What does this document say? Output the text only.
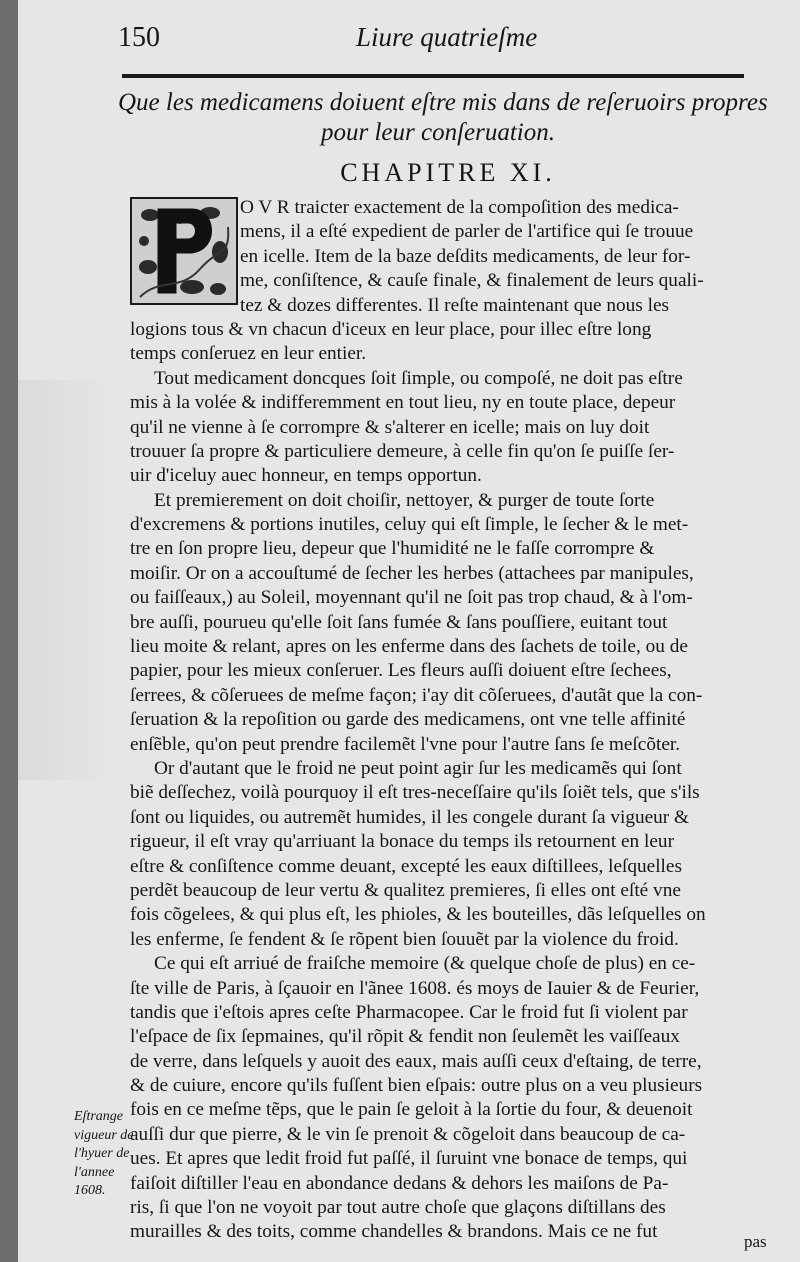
150	Liure quatrieſme
Que les medicamens doiuent eſtre mis dans de reſeruoirs propres
pour leur conſeruation.
CHAPITRE XI.
O V R traicter exactement de la compoſition des medica-
mens, il a eſté expedient de parler de l'artifice qui ſe trouue
en icelle. Item de la baze deſdits medicaments, de leur for-
me, conſiſtence, & cauſe finale, & finalement de leurs quali-
tez & dozes differentes. Il reſte maintenant que nous les
logions tous & vn chacun d'iceux en leur place, pour illec eſtre long
temps conſeruez en leur entier.
Tout medicament doncques ſoit ſimple, ou compoſé, ne doit pas eſtre
mis à la volée & indifferemment en tout lieu, ny en toute place, depeur
qu'il ne vienne à ſe corrompre & s'alterer en icelle; mais on luy doit
trouuer ſa propre & particuliere demeure, à celle fin qu'on ſe puiſſe ſer-
uir d'iceluy auec honneur, en temps opportun.
Et premierement on doit choiſir, nettoyer, & purger de toute ſorte
d'excremens & portions inutiles, celuy qui eſt ſimple, le ſecher & le met-
tre en ſon propre lieu, depeur que l'humidité ne le faſſe corrompre &
moiſir. Or on a accouſtumé de ſecher les herbes (attachees par manipules,
ou faiſſeaux,) au Soleil, moyennant qu'il ne ſoit pas trop chaud, & à l'om-
bre auſſi, pourueu qu'elle ſoit ſans fumée & ſans pouſſiere, euitant tout
lieu moite & relant, apres on les enferme dans des ſachets de toile, ou de
papier, pour les mieux conſeruer. Les fleurs auſſi doiuent eſtre ſechees,
ſerrees, & cõſeruees de meſme façon; i'ay dit cõſeruees, d'autãt que la con-
ſeruation & la repoſition ou garde des medicamens, ont vne telle affinité
enſẽble, qu'on peut prendre facilemẽt l'vne pour l'autre ſans ſe meſcõter.
Or d'autant que le froid ne peut point agir ſur les medicamẽs qui ſont
biẽ deſſechez, voilà pourquoy il eſt tres-neceſſaire qu'ils ſoiẽt tels, que s'ils
ſont ou liquides, ou autremẽt humides, il les congele durant ſa vigueur &
rigueur, il eſt vray qu'arriuant la bonace du temps ils retournent en leur
eſtre & conſiſtence comme deuant, excepté les eaux diſtillees, leſquelles
perdẽt beaucoup de leur vertu & qualitez premieres, ſi elles ont eſté vne
fois cõgelees, & qui plus eſt, les phioles, & les bouteilles, dãs leſquelles on
les enferme, ſe fendent & ſe rõpent bien ſouuẽt par la violence du froid.
Ce qui eſt arriué de fraiſche memoire (& quelque choſe de plus) en ce-
ſte ville de Paris, à ſçauoir en l'ãnee 1608. és moys de Iauier & de Feurier,
tandis que i'eſtois apres ceſte Pharmacopee. Car le froid fut ſi violent par
l'eſpace de ſix ſepmaines, qu'il rõpit & fendit non ſeulemẽt les vaiſſeaux
de verre, dans leſquels y auoit des eaux, mais auſſi ceux d'eſtaing, de terre,
& de cuiure, encore qu'ils fuſſent bien eſpais: outre plus on a veu plusieurs
fois en ce meſme tẽps, que le pain ſe geloit à la ſortie du four, & deuenoit
auſſi dur que pierre, & le vin ſe prenoit & cõgeloit dans beaucoup de ca-
ues. Et apres que ledit froid fut paſſé, il ſuruint vne bonace de temps, qui
faiſoit diſtiller l'eau en abondance dedans & dehors les maiſons de Pa-
ris, ſi que l'on ne voyoit par tout autre choſe que glaçons diſtillans des
murailles & des toits, comme chandelles & brandons. Mais ce ne fut
Eſtrange
vigueur de
l'hyuer de
l'annee
1608.
pas
